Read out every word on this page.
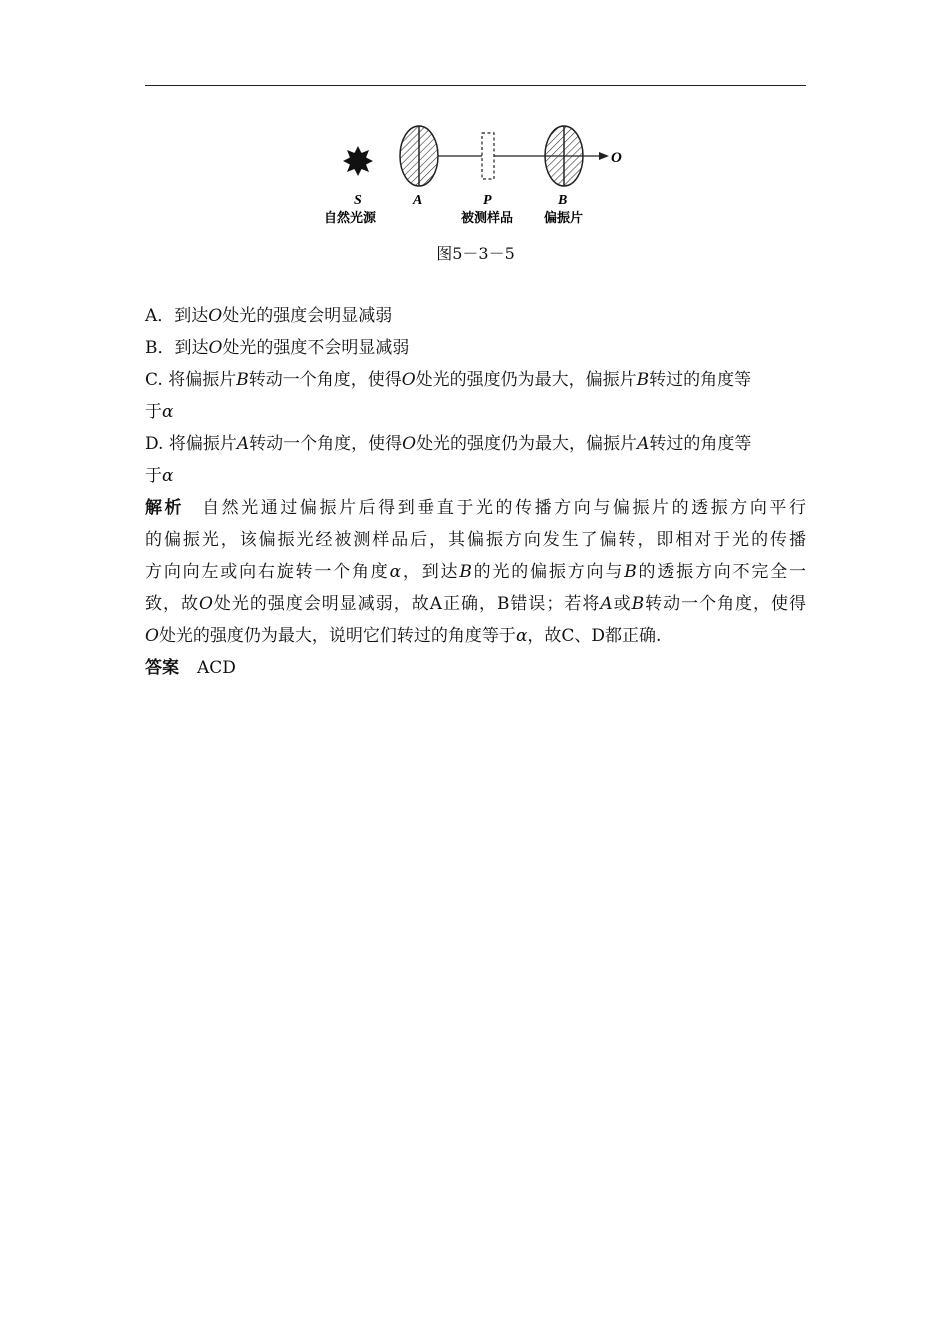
O
S
自然光源
A	P
被测样品
B
偏振片
图5－3－5
A．到达O处光的强度会明显减弱
B．到达O处光的强度不会明显减弱
C. 将偏振片B转动一个角度，使得O处光的强度仍为最大，偏振片B转过的角度等
于α
D. 将偏振片A转动一个角度，使得O处光的强度仍为最大，偏振片A转过的角度等
于α
解析 自然光通过偏振片后得到垂直于光的传播方向与偏振片的透振方向平行
的偏振光，该偏振光经被测样品后，其偏振方向发生了偏转，即相对于光的传播
方向向左或向右旋转一个角度α，到达B的光的偏振方向与B的透振方向不完全一
致，故O处光的强度会明显减弱，故A正确，B错误；若将A或B转动一个角度，使得
O处光的强度仍为最大，说明它们转过的角度等于α，故C、D都正确.
答案 ACD
